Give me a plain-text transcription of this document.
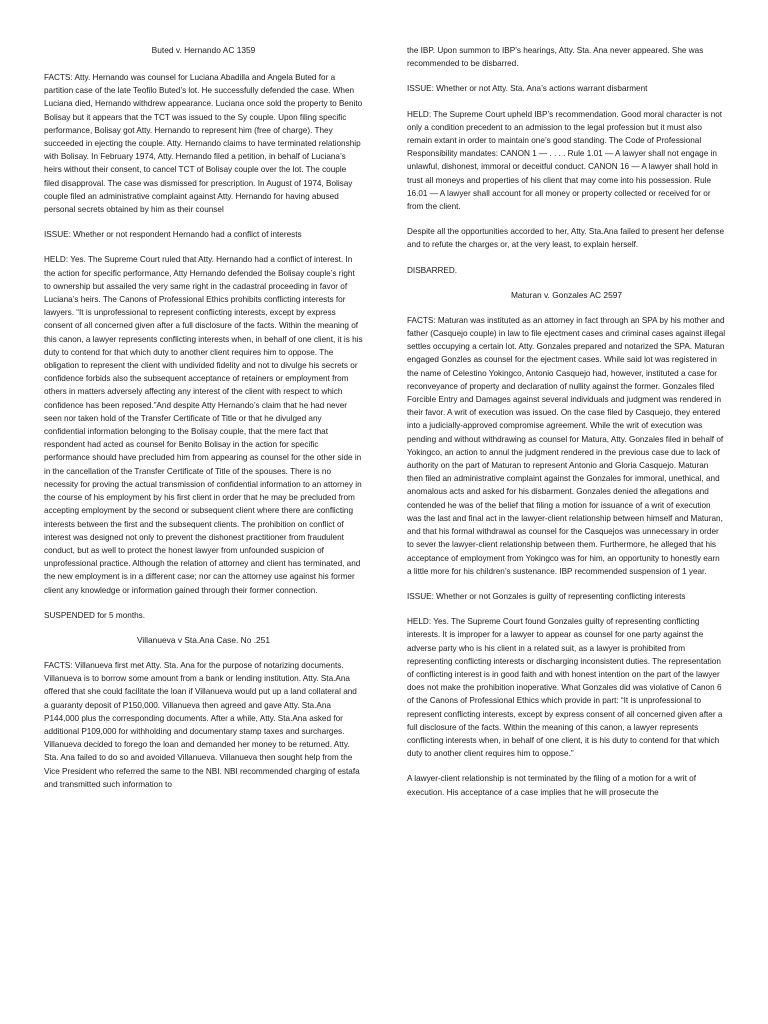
Buted v. Hernando AC 1359

FACTS: Atty. Hernando was counsel for Luciana Abadilla and Angela Buted for a partition case of the late Teofilo Buted’s lot. He successfully defended the case. When Luciana died, Hernando withdrew appearance. Luciana once sold the property to Benito Bolisay but it appears that the TCT was issued to the Sy couple. Upon filing specific performance, Bolisay got Atty. Hernando to represent him (free of charge). They succeeded in ejecting the couple. Atty. Hernando claims to have terminated relationship with Bolisay. In February 1974, Atty. Hernando filed a petition, in behalf of Luciana’s heirs without their consent, to cancel TCT of Bolisay couple over the lot. The couple filed disapproval. The case was dismissed for prescription. In August of 1974, Bolisay couple filed an administrative complaint against Atty. Hernando for having abused personal secrets obtained by him as their counsel

ISSUE: Whether or not respondent Hernando had a conflict of interests

HELD: Yes. The Supreme Court ruled that Atty. Hernando had a conflict of interest. In the action for specific performance, Atty Hernando defended the Bolisay couple’s right to ownership but assailed the very same right in the cadastral proceeding in favor of Luciana’s heirs. The Canons of Professional Ethics prohibits conflicting interests for lawyers. “It is unprofessional to represent conflicting interests, except by express consent of all concerned given after a full disclosure of the facts. Within the meaning of this canon, a lawyer represents conflicting interests when, in behalf of one client, it is his duty to contend for that which duty to another client requires him to oppose. The obligation to represent the client with undivided fidelity and not to divulge his secrets or confidence forbids also the subsequent acceptance of retainers or employment from others in matters adversely affecting any interest of the client with respect to which confidence has been reposed.”And despite Atty Hernando’s claim that he had never seen nor taken hold of the Transfer Certificate of Title or that he divulged any confidential information belonging to the Bolisay couple, that the mere fact that respondent had acted as counsel for Benito Bolisay in the action for specific performance should have precluded him from appearing as counsel for the other side in in the cancellation of the Transfer Certificate of Title of the spouses. There is no necessity for proving the actual transmission of confidential information to an attorney in the course of his employment by his first client in order that he may be precluded from accepting employment by the second or subsequent client where there are conflicting interests between the first and the subsequent clients. The prohibition on conflict of interest was designed not only to prevent the dishonest practitioner from fraudulent conduct, but as well to protect the honest lawyer from unfounded suspicion of unprofessional practice. Although the relation of attorney and client has terminated, and the new employment is in a different case; nor can the attorney use against his former client any knowledge or information gained through their former connection.

SUSPENDED for 5 months.

Villanueva v Sta.Ana Case. No .251

FACTS: Villanueva first met Atty. Sta. Ana for the purpose of notarizing documents. Villanueva is to borrow some amount from a bank or lending institution. Atty. Sta.Ana offered that she could facilitate the loan if Villanueva would put up a land collateral and a guaranty deposit of P150,000. Villanueva then agreed and gave Atty. Sta.Ana P144,000 plus the corresponding documents. After a while, Atty. Sta.Ana asked for additional P109,000 for withholding and documentary stamp taxes and surcharges. Villanueva decided to forego the loan and demanded her money to be returned. Atty. Sta. Ana failed to do so and avoided Villanueva. Villanueva then sought help from the Vice President who referred the same to the NBI. NBI recommended charging of estafa and transmitted such information to

the IBP. Upon summon to IBP’s hearings, Atty. Sta. Ana never appeared. She was recommended to be disbarred.

ISSUE: Whether or not Atty. Sta. Ana’s actions warrant disbarment

HELD: The Supreme Court upheld IBP’s recommendation. Good moral character is not only a condition precedent to an admission to the legal profession but it must also remain extant in order to maintain one’s good standing. The Code of Professional Responsibility mandates: CANON 1 — . . . . Rule 1.01 — A lawyer shall not engage in unlawful, dishonest, immoral or deceitful conduct. CANON 16 — A lawyer shall hold in trust all moneys and properties of his client that may come into his possession. Rule 16.01 — A lawyer shall account for all money or property collected or received for or from the client.

Despite all the opportunities accorded to her, Atty. Sta.Ana failed to present her defense and to refute the charges or, at the very least, to explain herself.

DISBARRED.

Maturan v. Gonzales AC 2597

FACTS: Maturan was instituted as an attorney in fact through an SPA by his mother and father (Casquejo couple) in law to file ejectment cases and criminal cases against illegal settles occupying a certain lot. Atty. Gonzales prepared and notarized the SPA. Maturan engaged Gonzles as counsel for the ejectment cases. While said lot was registered in the name of Celestino Yokingco, Antonio Casquejo had, however, instituted a case for reconveyance of property and declaration of nullity against the former. Gonzales filed Forcible Entry and Damages against several individuals and judgment was rendered in their favor. A writ of execution was issued. On the case filed by Casquejo, they entered into a judicially-approved compromise agreement. While the writ of execution was pending and without withdrawing as counsel for Matura, Atty. Gonzales filed in behalf of Yokingco, an action to annul the judgment rendered in the previous case due to lack of authority on the part of Maturan to represent Antonio and Gloria Casquejo. Maturan then filed an administrative complaint against the Gonzales for immoral, unethical, and anomalous acts and asked for his disbarment. Gonzales denied the allegations and contended he was of the belief that filing a motion for issuance of a writ of execution was the last and final act in the lawyer-client relationship between himself and Maturan, and that his formal withdrawal as counsel for the Casquejos was unnecessary in order to sever the lawyer-client relationship between them. Furthermore, he alleged that his acceptance of employment from Yokingco was for him, an opportunity to honestly earn a little more for his children’s sustenance. IBP recommended suspension of 1 year.

ISSUE: Whether or not Gonzales is guilty of representing conflicting interests

HELD: Yes. The Supreme Court found Gonzales guilty of representing conflicting interests. It is improper for a lawyer to appear as counsel for one party against the adverse party who is his client in a related suit, as a lawyer is prohibited from representing conflicting interests or discharging inconsistent duties. The representation of conflicting interest is in good faith and with honest intention on the part of the lawyer does not make the prohibition inoperative. What Gonzales did was violative of Canon 6 of the Canons of Professional Ethics which provide in part: “It is unprofessional to represent conflicting interests, except by express consent of all concerned given after a full disclosure of the facts. Within the meaning of this canon, a lawyer represents conflicting interests when, in behalf of one client, it is his duty to contend for that which duty to another client requires him to oppose.”

A lawyer-client relationship is not terminated by the filing of a motion for a writ of execution. His acceptance of a case implies that he will prosecute the
